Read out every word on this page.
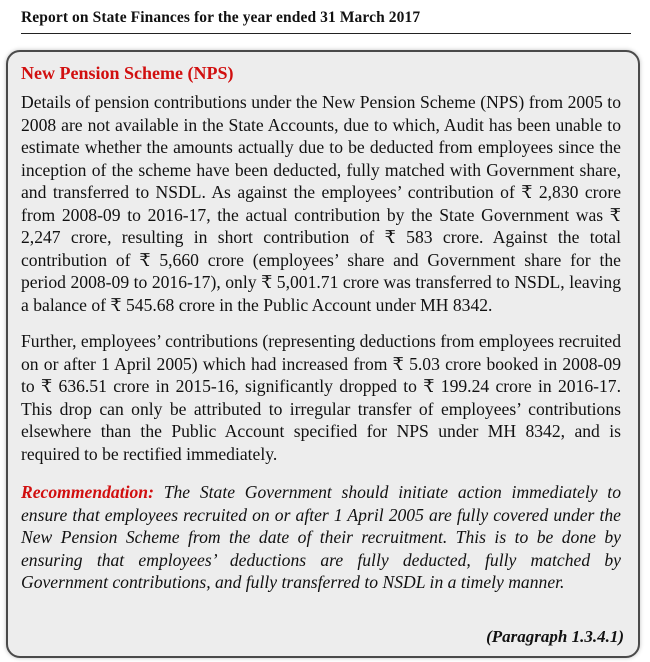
Report on State Finances for the year ended 31 March 2017
New Pension Scheme (NPS)

Details of pension contributions under the New Pension Scheme (NPS) from 2005 to 2008 are not available in the State Accounts, due to which, Audit has been unable to estimate whether the amounts actually due to be deducted from employees since the inception of the scheme have been deducted, fully matched with Government share, and transferred to NSDL. As against the employees’ contribution of ₹ 2,830 crore from 2008-09 to 2016-17, the actual contribution by the State Government was ₹ 2,247 crore, resulting in short contribution of ₹ 583 crore. Against the total contribution of ₹ 5,660 crore (employees’ share and Government share for the period 2008-09 to 2016-17), only ₹ 5,001.71 crore was transferred to NSDL, leaving a balance of ₹ 545.68 crore in the Public Account under MH 8342.

Further, employees’ contributions (representing deductions from employees recruited on or after 1 April 2005) which had increased from ₹ 5.03 crore booked in 2008-09 to ₹ 636.51 crore in 2015-16, significantly dropped to ₹ 199.24 crore in 2016-17. This drop can only be attributed to irregular transfer of employees’ contributions elsewhere than the Public Account specified for NPS under MH 8342, and is required to be rectified immediately.

Recommendation: The State Government should initiate action immediately to ensure that employees recruited on or after 1 April 2005 are fully covered under the New Pension Scheme from the date of their recruitment. This is to be done by ensuring that employees’ deductions are fully deducted, fully matched by Government contributions, and fully transferred to NSDL in a timely manner.

(Paragraph 1.3.4.1)
